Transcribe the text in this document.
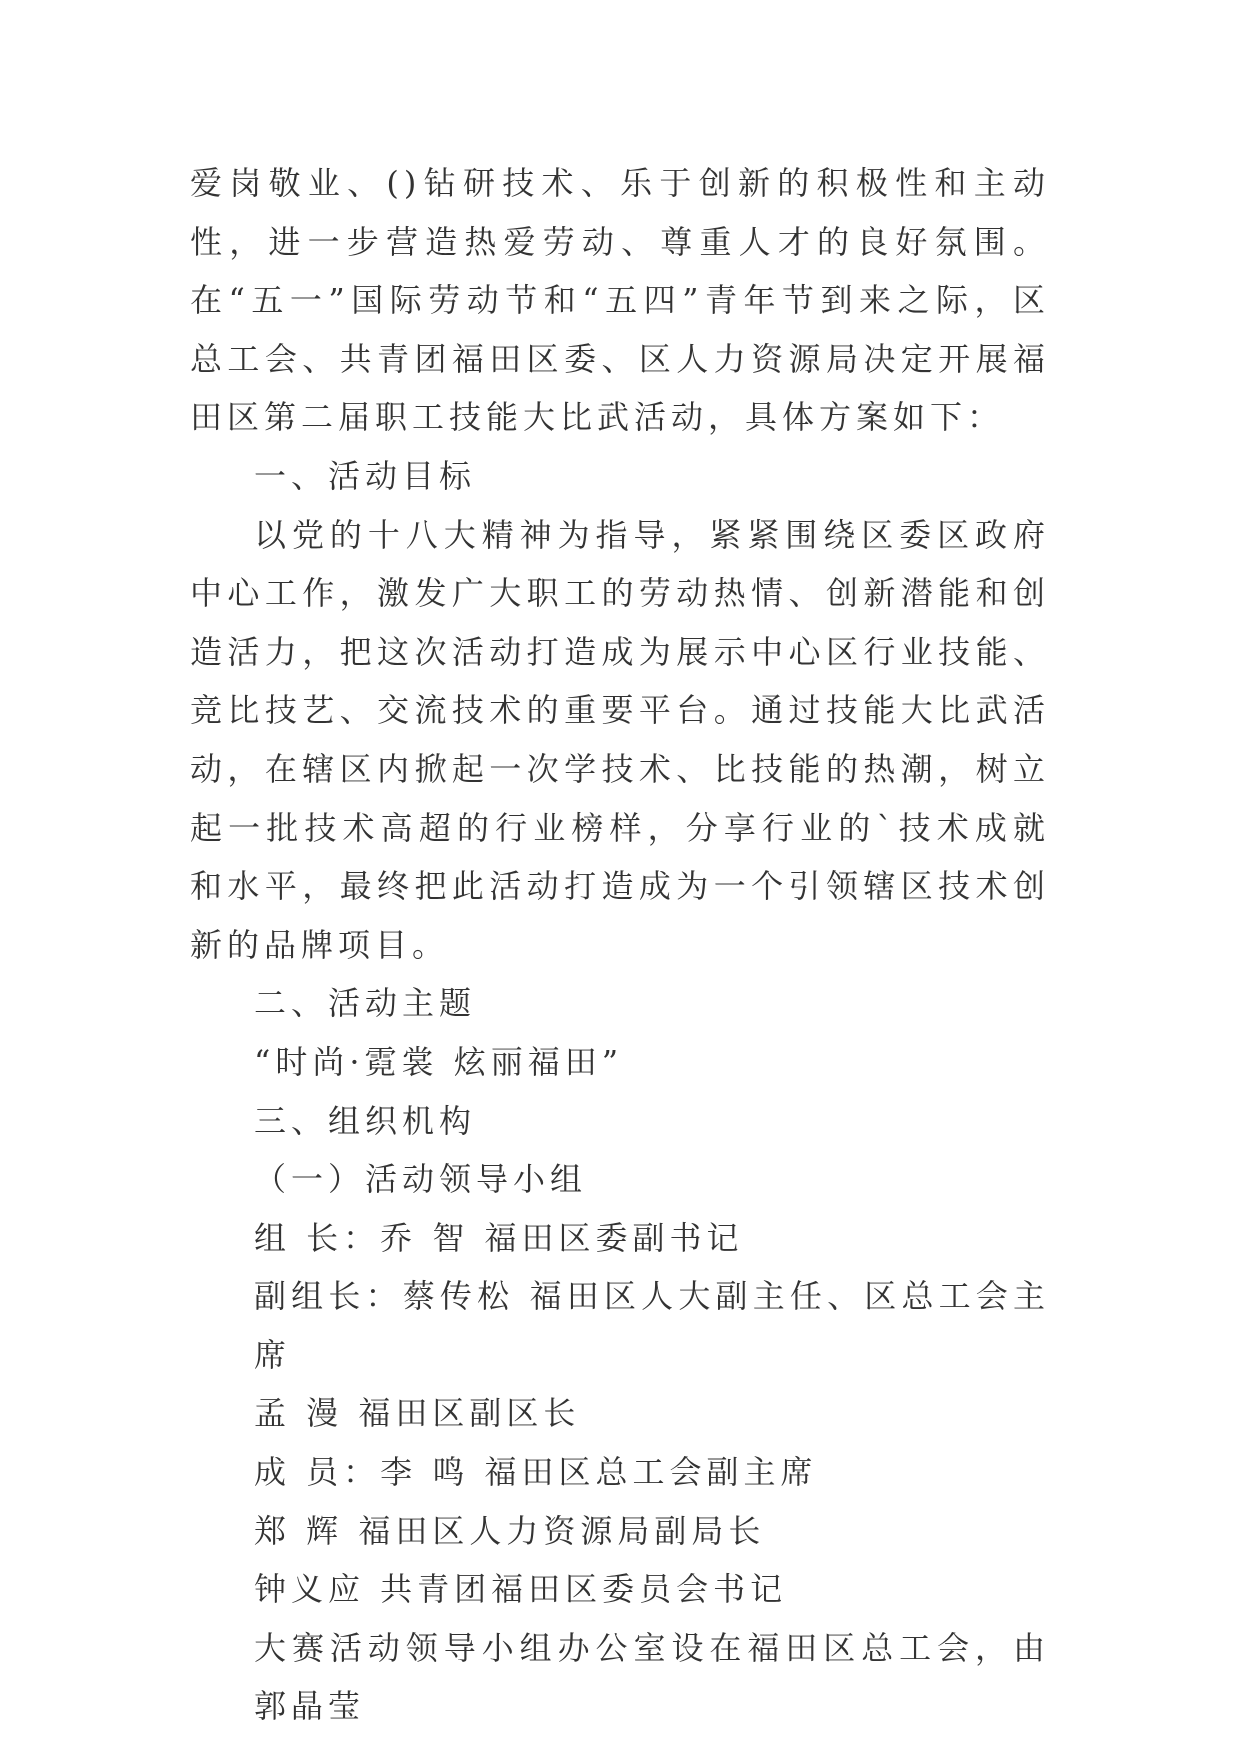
爱岗敬业、()钻研技术、乐于创新的积极性和主动性，进一步营造热爱劳动、尊重人才的良好氛围。在“五一”国际劳动节和“五四”青年节到来之际，区总工会、共青团福田区委、区人力资源局决定开展福田区第二届职工技能大比武活动，具体方案如下：

一、活动目标

以党的十八大精神为指导，紧紧围绕区委区政府中心工作，激发广大职工的劳动热情、创新潜能和创造活力，把这次活动打造成为展示中心区行业技能、竞比技艺、交流技术的重要平台。通过技能大比武活动，在辖区内掀起一次学技术、比技能的热潮，树立起一批技术高超的行业榜样，分享行业的`技术成就和水平，最终把此活动打造成为一个引领辖区技术创新的品牌项目。

二、活动主题

“时尚·霓裳 炫丽福田”

三、组织机构

（一）活动领导小组

组 长：乔 智 福田区委副书记

副组长：蔡传松 福田区人大副主任、区总工会主席

孟 漫 福田区副区长

成 员：李 鸣 福田区总工会副主席

郑 辉 福田区人力资源局副局长

钟义应 共青团福田区委员会书记

大赛活动领导小组办公室设在福田区总工会，由郭晶莹
